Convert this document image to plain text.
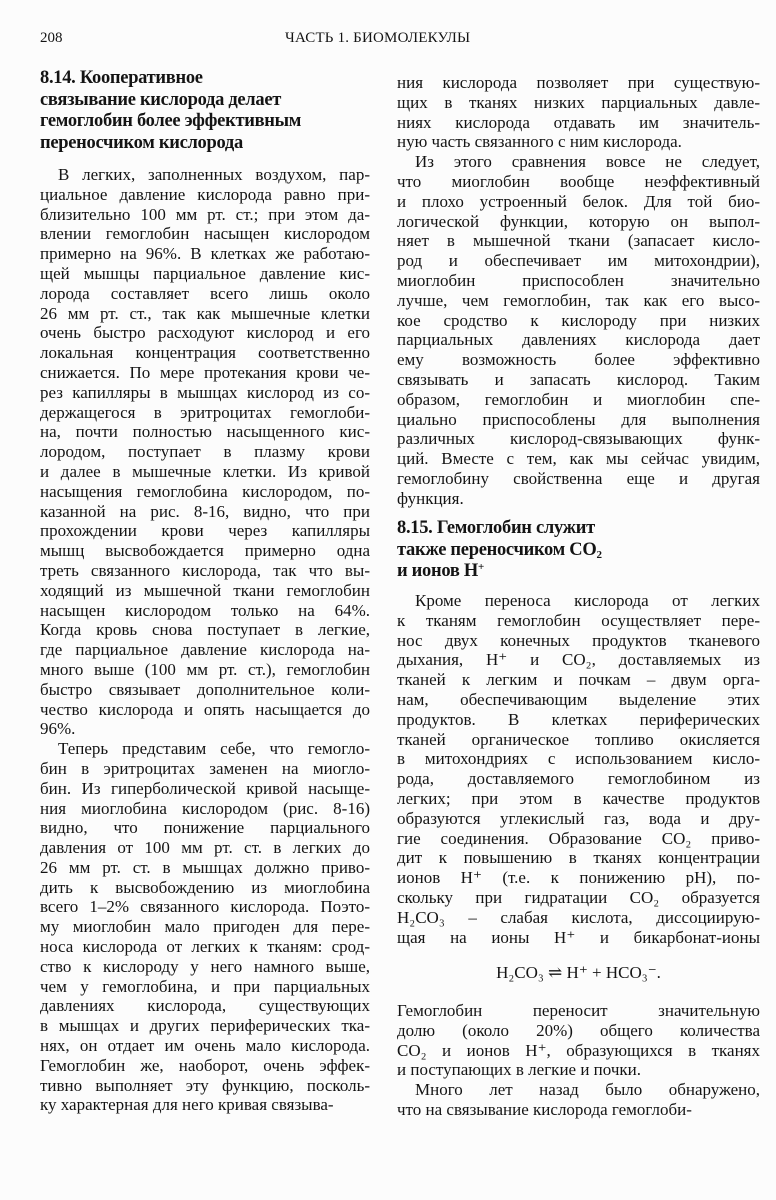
208	ЧАСТЬ 1. БИОМОЛЕКУЛЫ
8.14. Кооперативное
связывание кислорода делает
гемоглобин более эффективным
переносчиком кислорода
В легких, заполненных воздухом, пар-
циальное давление кислорода равно при-
близительно 100 мм рт. ст.; при этом да-
влении гемоглобин насыщен кислородом
примерно на 96%. В клетках же работаю-
щей мышцы парциальное давление кис-
лорода составляет всего лишь около
26 мм рт. ст., так как мышечные клетки
очень быстро расходуют кислород и его
локальная концентрация соответственно
снижается. По мере протекания крови че-
рез капилляры в мышцах кислород из со-
держащегося в эритроцитах гемоглоби-
на, почти полностью насыщенного кис-
лородом, поступает в плазму крови
и далее в мышечные клетки. Из кривой
насыщения гемоглобина кислородом, по-
казанной на рис. 8-16, видно, что при
прохождении крови через капилляры
мышц высвобождается примерно одна
треть связанного кислорода, так что вы-
ходящий из мышечной ткани гемоглобин
насыщен кислородом только на 64%.
Когда кровь снова поступает в легкие,
где парциальное давление кислорода на-
много выше (100 мм рт. ст.), гемоглобин
быстро связывает дополнительное коли-
чество кислорода и опять насыщается до
96%.
Теперь представим себе, что гемогло-
бин в эритроцитах заменен на миогло-
бин. Из гиперболической кривой насыще-
ния миоглобина кислородом (рис. 8-16)
видно, что понижение парциального
давления от 100 мм рт. ст. в легких до
26 мм рт. ст. в мышцах должно приво-
дить к высвобождению из миоглобина
всего 1–2% связанного кислорода. Поэто-
му миоглобин мало пригоден для пере-
носа кислорода от легких к тканям: срод-
ство к кислороду у него намного выше,
чем у гемоглобина, и при парциальных
давлениях кислорода, существующих
в мышцах и других периферических тка-
нях, он отдает им очень мало кислорода.
Гемоглобин же, наоборот, очень эффек-
тивно выполняет эту функцию, посколь-
ку характерная для него кривая связыва-
ния кислорода позволяет при существую-
щих в тканях низких парциальных давле-
ниях кислорода отдавать им значитель-
ную часть связанного с ним кислорода.
Из этого сравнения вовсе не следует,
что миоглобин вообще неэффективный
и плохо устроенный белок. Для той био-
логической функции, которую он выпол-
няет в мышечной ткани (запасает кисло-
род и обеспечивает им митохондрии),
миоглобин приспособлен значительно
лучше, чем гемоглобин, так как его высо-
кое сродство к кислороду при низких
парциальных давлениях кислорода дает
ему возможность более эффективно
связывать и запасать кислород. Таким
образом, гемоглобин и миоглобин спе-
циально приспособлены для выполнения
различных кислород-связывающих функ-
ций. Вместе с тем, как мы сейчас увидим,
гемоглобину свойственна еще и другая
функция.
8.15. Гемоглобин служит
также переносчиком $CO_2$
и ионов H+
Кроме переноса кислорода от легких
к тканям гемоглобин осуществляет пере-
нос двух конечных продуктов тканевого
дыхания, H⁺ и CO₂, доставляемых из
тканей к легким и почкам – двум орга-
нам, обеспечивающим выделение этих
продуктов. В клетках периферических
тканей органическое топливо окисляется
в митохондриях с использованием кисло-
рода, доставляемого гемоглобином из
легких; при этом в качестве продуктов
образуются углекислый газ, вода и дру-
гие соединения. Образование CO₂ приво-
дит к повышению в тканях концентрации
ионов H⁺ (т.е. к понижению pH), по-
скольку при гидратации CO₂ образуется
H₂CO₃ – слабая кислота, диссоциирую-
щая на ионы H⁺ и бикарбонат-ионы
H₂CO₃ ⇌ H⁺ + HCO₃⁻.
Гемоглобин переносит значительную
долю (около 20%) общего количества
CO₂ и ионов H⁺, образующихся в тканях
и поступающих в легкие и почки.
Много лет назад было обнаружено,
что на связывание кислорода гемоглоби-
